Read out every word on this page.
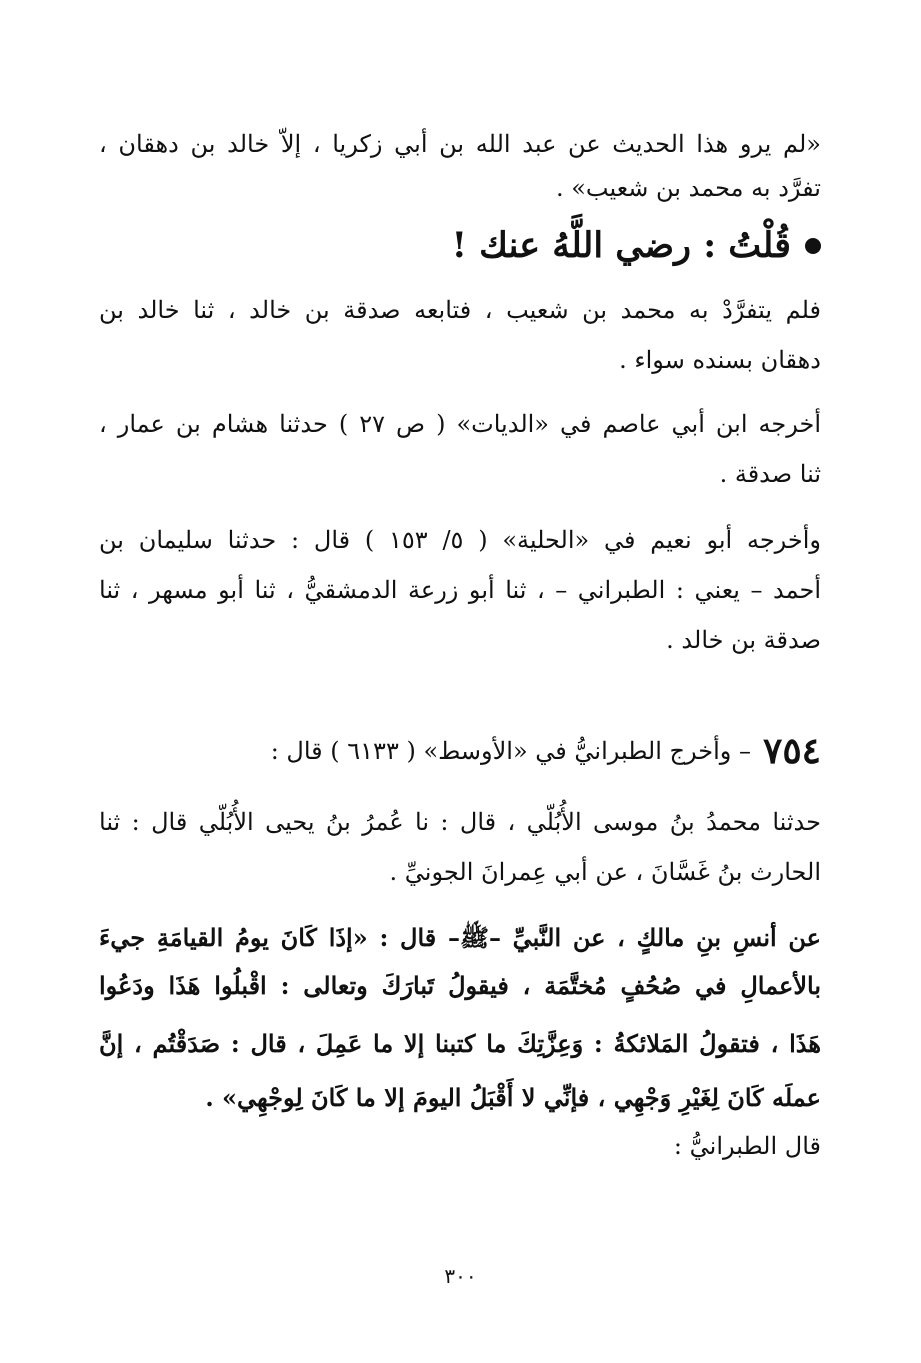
«لم يرو هذا الحديث عن عبد الله بن أبي زكريا ، إلاّ خالد بن دهقان ،
تفرَّد به محمد بن شعيب» .
قُلْتُ : رضي اللَّهُ عنك !
فلم يتفرَّدْ به محمد بن شعيب ، فتابعه صدقة بن خالد ، ثنا خالد بن
دهقان بسنده سواء .
أخرجه ابن أبي عاصم في «الديات» ( ص ٢٧ ) حدثنا هشام بن عمار ،
ثنا صدقة .
وأخرجه أبو نعيم في «الحلية» ( ٥/ ١٥٣ ) قال : حدثنا سليمان بن
أحمد – يعني : الطبراني – ، ثنا أبو زرعة الدمشقيُّ ، ثنا أبو مسهر ، ثنا
صدقة بن خالد .
٧٥٤
– وأخرج الطبرانيُّ في «الأوسط» ( ٦١٣٣ ) قال :
حدثنا محمدُ بنُ موسى الأُبُلّي ، قال : نا عُمرُ بنُ يحيى الأُبُلّي قال : ثنا
الحارث بنُ غَسَّانَ ، عن أبي عِمرانَ الجونيِّ .
عن أنسِ بنِ مالكٍ ، عن النَّبيِّ –ﷺ– قال : «إذَا كَانَ يومُ القيامَةِ جيءَ
بالأعمالِ في صُحُفٍ مُختَّمَة ، فيقولُ تَبارَكَ وتعالى : اقْبلُوا هَذَا ودَعُوا
هَذَا ، فتقولُ المَلائكةُ : وَعِزَّتِكَ ما كتبنا إلا ما عَمِلَ ، قال : صَدَقْتُم ، إنَّ
عملَه كَانَ لِغَيْرِ وَجْهِي ، فإنِّي لا أَقْبَلُ اليومَ إلا ما كَانَ لِوجْهِي» .
قال الطبرانيُّ :
٣٠٠
